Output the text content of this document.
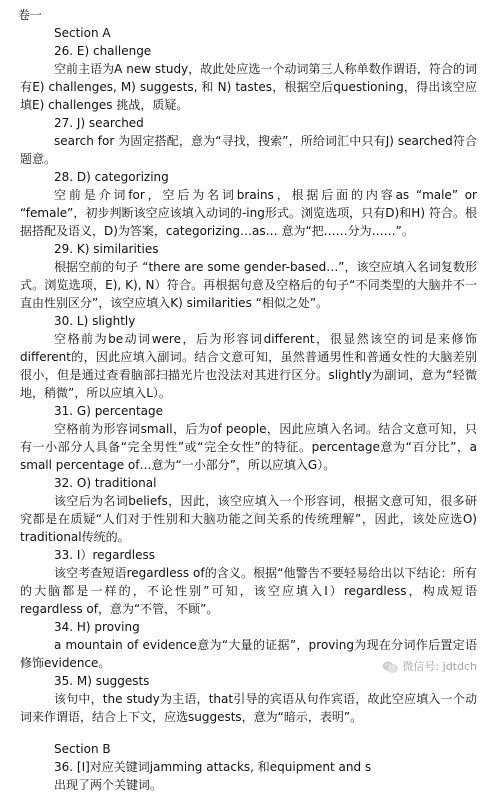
卷一
Section A
26. E) challenge
空前主语为A new study，故此处应选一个动词第三人称单数作谓语，符合的词有E) challenges, M) suggests, 和 N) tastes，根据空后questioning，得出该空应填E) challenges 挑战，质疑。
27. J) searched
search for 为固定搭配，意为“寻找，搜索”，所给词汇中只有J) searched符合题意。
28. D) categorizing
空前是介词for，空后为名词brains，根据后面的内容as “male” or “female”，初步判断该空应该填入动词的-ing形式。浏览选项，只有D)和H) 符合。根据搭配及语义，D)为答案，categorizing…as… 意为“把……分为……”。
29. K) similarities
根据空前的句子 “there are some gender-based…”，该空应填入名词复数形式。浏览选项，E), K), N）符合。再根据句意及空格后的句子“不同类型的大脑并不一直由性别区分”，该空应填入K) similarities “相似之处”。
30. L) slightly
空格前为be动词were，后为形容词different，很显然该空的词是来修饰different的，因此应填入副词。结合文意可知，虽然普通男性和普通女性的大脑差别很小，但是通过查看脑部扫描光片也没法对其进行区分。slightly为副词，意为“轻微地，稍微”，所以应填入L）。
31. G) percentage
空格前为形容词small，后为of people，因此应填入名词。结合文意可知，只有一小部分人具备“完全男性”或“完全女性”的特征。percentage意为“百分比”，a small percentage of…意为“一小部分”，所以应填入G）。
32. O) traditional
该空后为名词beliefs，因此，该空应填入一个形容词，根据文意可知，很多研究都是在质疑“人们对于性别和大脑功能之间关系的传统理解”，因此，该处应选O) traditional传统的。
33. I）regardless
该空考查短语regardless of的含义。根据“他警告不要轻易给出以下结论：所有的大脑都是一样的，不论性别”可知，该空应填入I）regardless，构成短语regardless of，意为“不管，不顾”。
34. H) proving
a mountain of evidence意为“大量的证据”，proving为现在分词作后置定语修饰evidence。
35. M) suggests
该句中，the study为主语，that引导的宾语从句作宾语，故此空应填入一个动词来作谓语，结合上下文，应选suggests，意为“暗示，表明”。
Section B
36. [I]对应关键词jamming attacks, 和equipment and s
出现了两个关键词。
微信号: jdtdch
